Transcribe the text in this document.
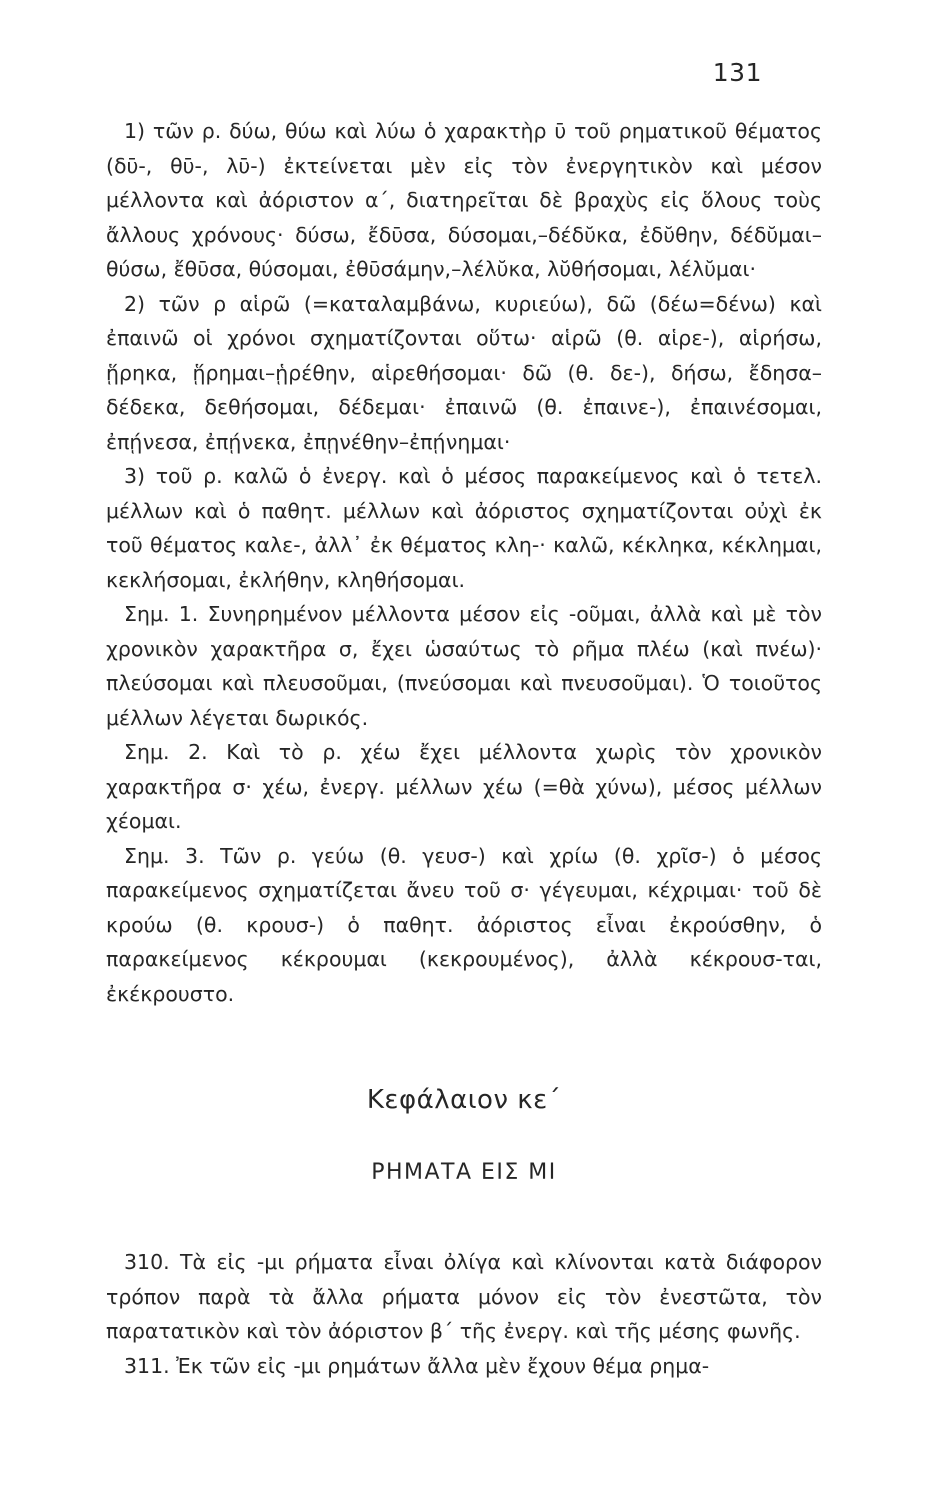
131

1) τῶν ρ. δύω, θύω καὶ λύω ὁ χαρακτὴρ ῡ τοῦ ρηματικοῦ θέματος (δῡ-, θῡ-, λῡ-) ἐκτείνεται μὲν εἰς τὸν ἐνεργητικὸν καὶ μέσον μέλλοντα καὶ ἀόριστον α΄, διατηρεῖται δὲ βραχὺς εἰς ὅλους τοὺς ἄλλους χρόνους· δύσω, ἔδῡσα, δύσομαι,–δέδῠκα, ἐδῠθην, δέδῠμαι–θύσω, ἔθῡσα, θύσομαι, ἐθῡσάμην,–λέλῠκα, λῠθήσομαι, λέλῠμαι·

2) τῶν ρ αἱρῶ (=καταλαμβάνω, κυριεύω), δῶ (δέω=δένω) καὶ ἐπαινῶ οἱ χρόνοι σχηματίζονται οὕτω· αἱρῶ (θ. αἱρε-), αἱρήσω, ᾕρηκα, ᾕρημαι–ᾑρέθην, αἱρεθήσομαι· δῶ (θ. δε-), δήσω, ἔδησα–δέδεκα, δεθήσομαι, δέδεμαι· ἐπαινῶ (θ. ἐπαινε-), ἐπαινέσομαι, ἐπῄνεσα, ἐπῄνεκα, ἐπῃνέθην–ἐπῄνημαι·

3) τοῦ ρ. καλῶ ὁ ἐνεργ. καὶ ὁ μέσος παρακείμενος καὶ ὁ τετελ. μέλλων καὶ ὁ παθητ. μέλλων καὶ ἀόριστος σχηματίζονται οὐχὶ ἐκ τοῦ θέματος καλε-, ἀλλ᾽ ἐκ θέματος κλη-· καλῶ, κέκληκα, κέκλημαι, κεκλήσομαι, ἐκλήθην, κληθήσομαι.

Σημ. 1. Συνηρημένον μέλλοντα μέσον εἰς -οῦμαι, ἀλλὰ καὶ μὲ τὸν χρονικὸν χαρακτῆρα σ, ἔχει ὡσαύτως τὸ ρῆμα πλέω (καὶ πνέω)· πλεύσομαι καὶ πλευσοῦμαι, (πνεύσομαι καὶ πνευσοῦμαι). Ὁ τοιοῦτος μέλλων λέγεται δωρικός.

Σημ. 2. Καὶ τὸ ρ. χέω ἔχει μέλλοντα χωρὶς τὸν χρονικὸν χαρακτῆρα σ· χέω, ἐνεργ. μέλλων χέω (=θὰ χύνω), μέσος μέλλων χέομαι.

Σημ. 3. Τῶν ρ. γεύω (θ. γευσ-) καὶ χρίω (θ. χρῖσ-) ὁ μέσος παρακείμενος σχηματίζεται ἄνευ τοῦ σ· γέγευμαι, κέχριμαι· τοῦ δὲ κρούω (θ. κρουσ-) ὁ παθητ. ἀόριστος εἶναι ἐκρούσθην, ὁ παρακείμενος κέκρουμαι (κεκρουμένος), ἀλλὰ κέκρουσ-ται, ἐκέκρουστο.

Κεφάλαιον κε΄
ΡΗΜΑΤΑ ΕΙΣ ΜΙ

310. Τὰ εἰς -μι ρήματα εἶναι ὀλίγα καὶ κλίνονται κατὰ διάφορον τρόπον παρὰ τὰ ἄλλα ρήματα μόνον εἰς τὸν ἐνεστῶτα, τὸν παρατατικὸν καὶ τὸν ἀόριστον β΄ τῆς ἐνεργ. καὶ τῆς μέσης φωνῆς.

311. Ἐκ τῶν εἰς -μι ρημάτων ἄλλα μὲν ἔχουν θέμα ρημα-
